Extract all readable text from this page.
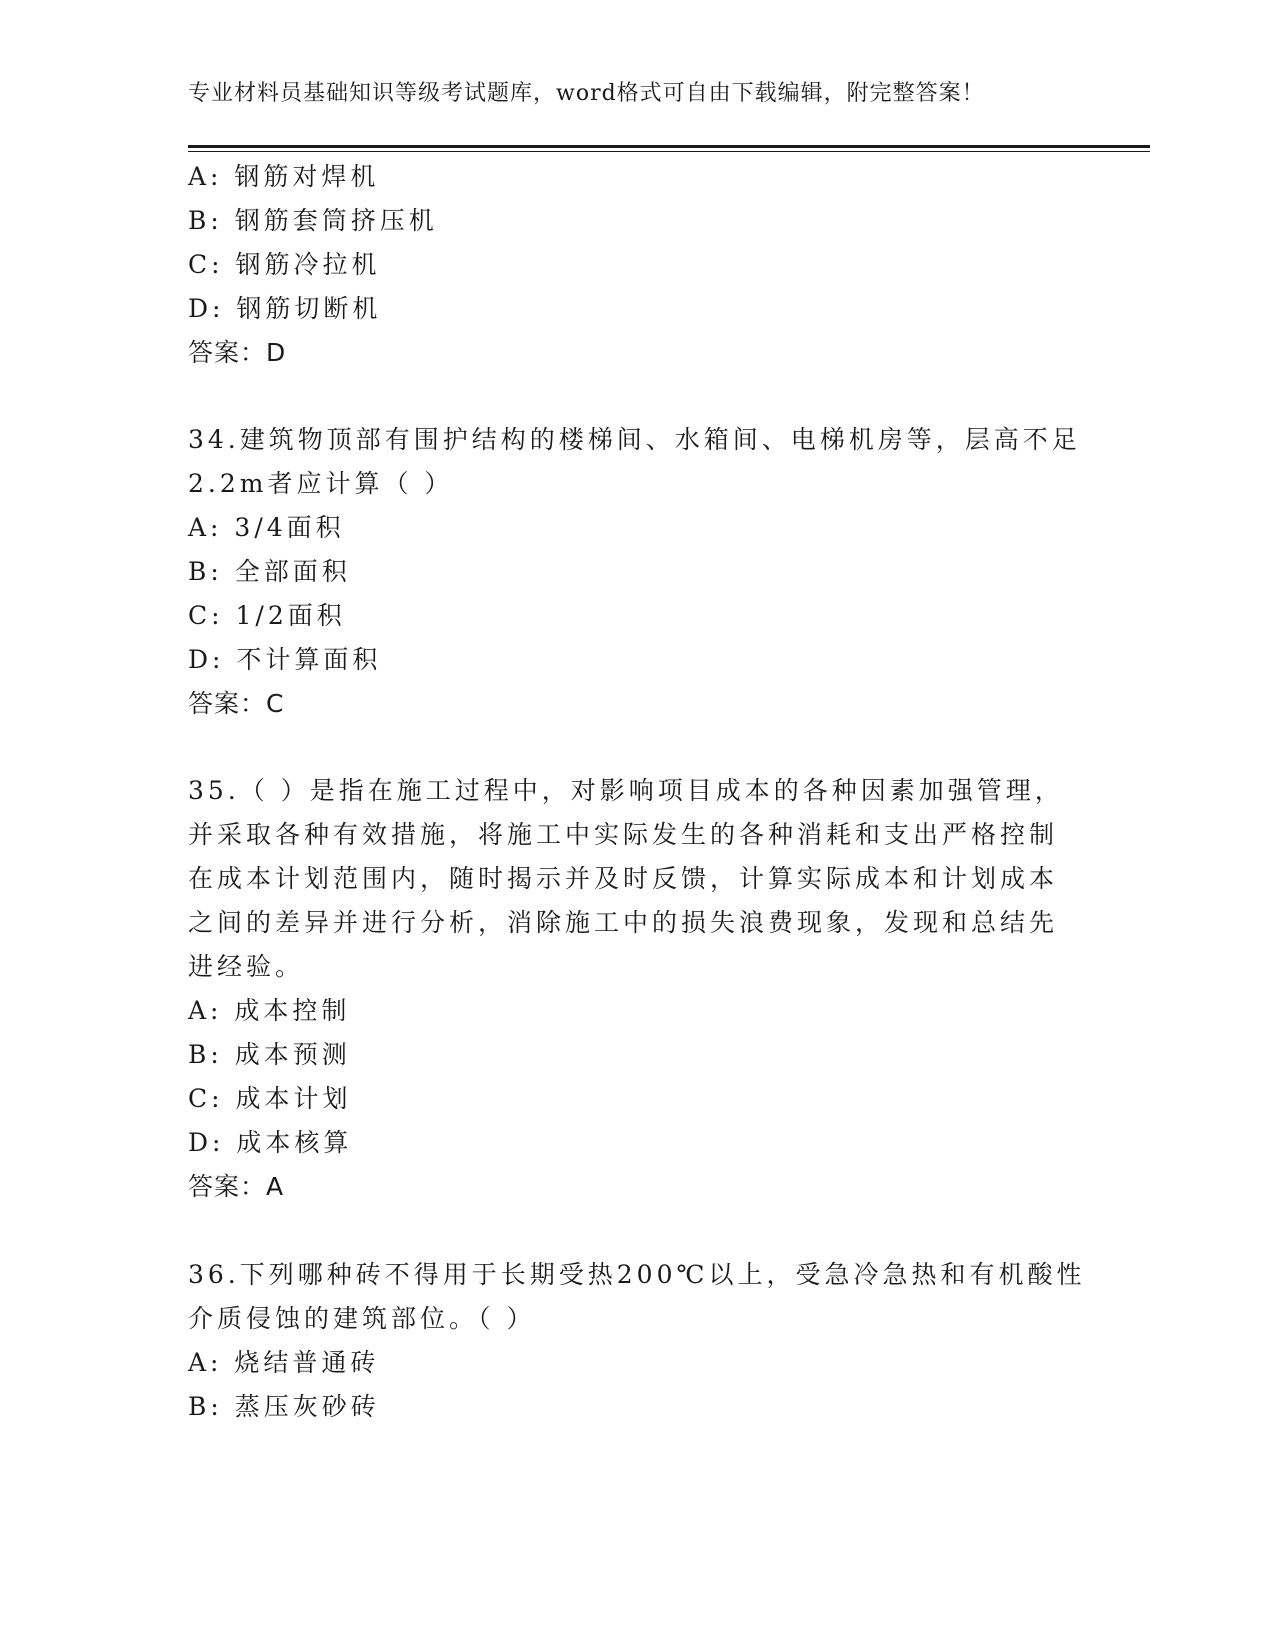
专业材料员基础知识等级考试题库，word格式可自由下载编辑，附完整答案！
A: 钢筋对焊机
B: 钢筋套筒挤压机
C: 钢筋冷拉机
D: 钢筋切断机
答案：D
34.建筑物顶部有围护结构的楼梯间、水箱间、电梯机房等，层高不足
2.2m者应计算（ ）
A: 3/4面积
B: 全部面积
C: 1/2面积
D: 不计算面积
答案：C
35.（ ）是指在施工过程中，对影响项目成本的各种因素加强管理，
并采取各种有效措施，将施工中实际发生的各种消耗和支出严格控制
在成本计划范围内，随时揭示并及时反馈，计算实际成本和计划成本
之间的差异并进行分析，消除施工中的损失浪费现象，发现和总结先
进经验。
A: 成本控制
B: 成本预测
C: 成本计划
D: 成本核算
答案：A
36.下列哪种砖不得用于长期受热200℃以上，受急冷急热和有机酸性
介质侵蚀的建筑部位。（ ）
A: 烧结普通砖
B: 蒸压灰砂砖
